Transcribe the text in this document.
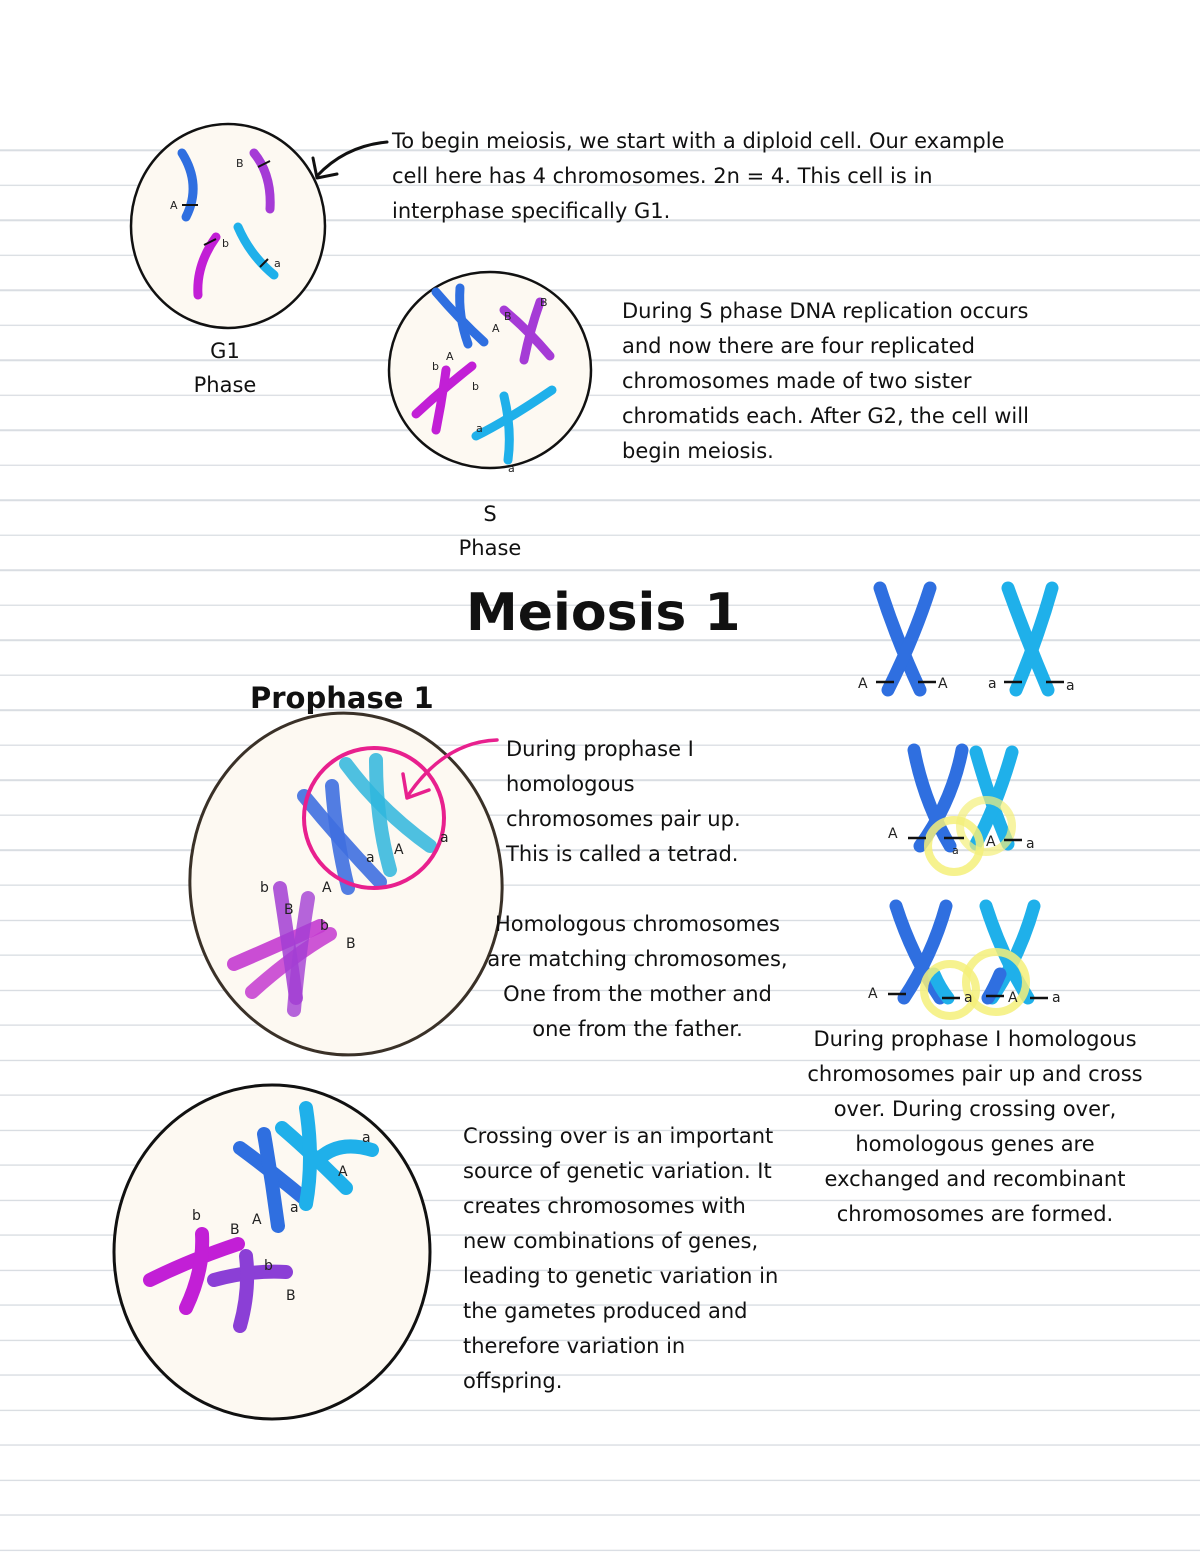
A
B
b
a
G1
Phase

To begin meiosis, we start with a diploid cell. Our example cell here has 4 chromosomes. 2n = 4. This cell is in interphase specifically G1.

A
B
B
A
b
b
a
a
S
Phase

During S phase DNA replication occurs and now there are four replicated chromosomes made of two sister chromatids each. After G2, the cell will begin meiosis.

Meiosis 1
Prophase 1
b
B
b
B
A
a A
a

During prophase I homologous chromosomes pair up. This is called a tetrad.

Homologous chromosomes are matching chromosomes, One from the mother and one from the father.

b
B
A
a
A
a
b
B

Crossing over is an important source of genetic variation. It creates chromosomes with new combinations of genes, leading to genetic variation in the gametes produced and therefore variation in offspring.

A	A	a	a
A
a
A a
A	a	A a

During prophase I homologous chromosomes pair up and cross over. During crossing over, homologous genes are exchanged and recombinant chromosomes are formed.
